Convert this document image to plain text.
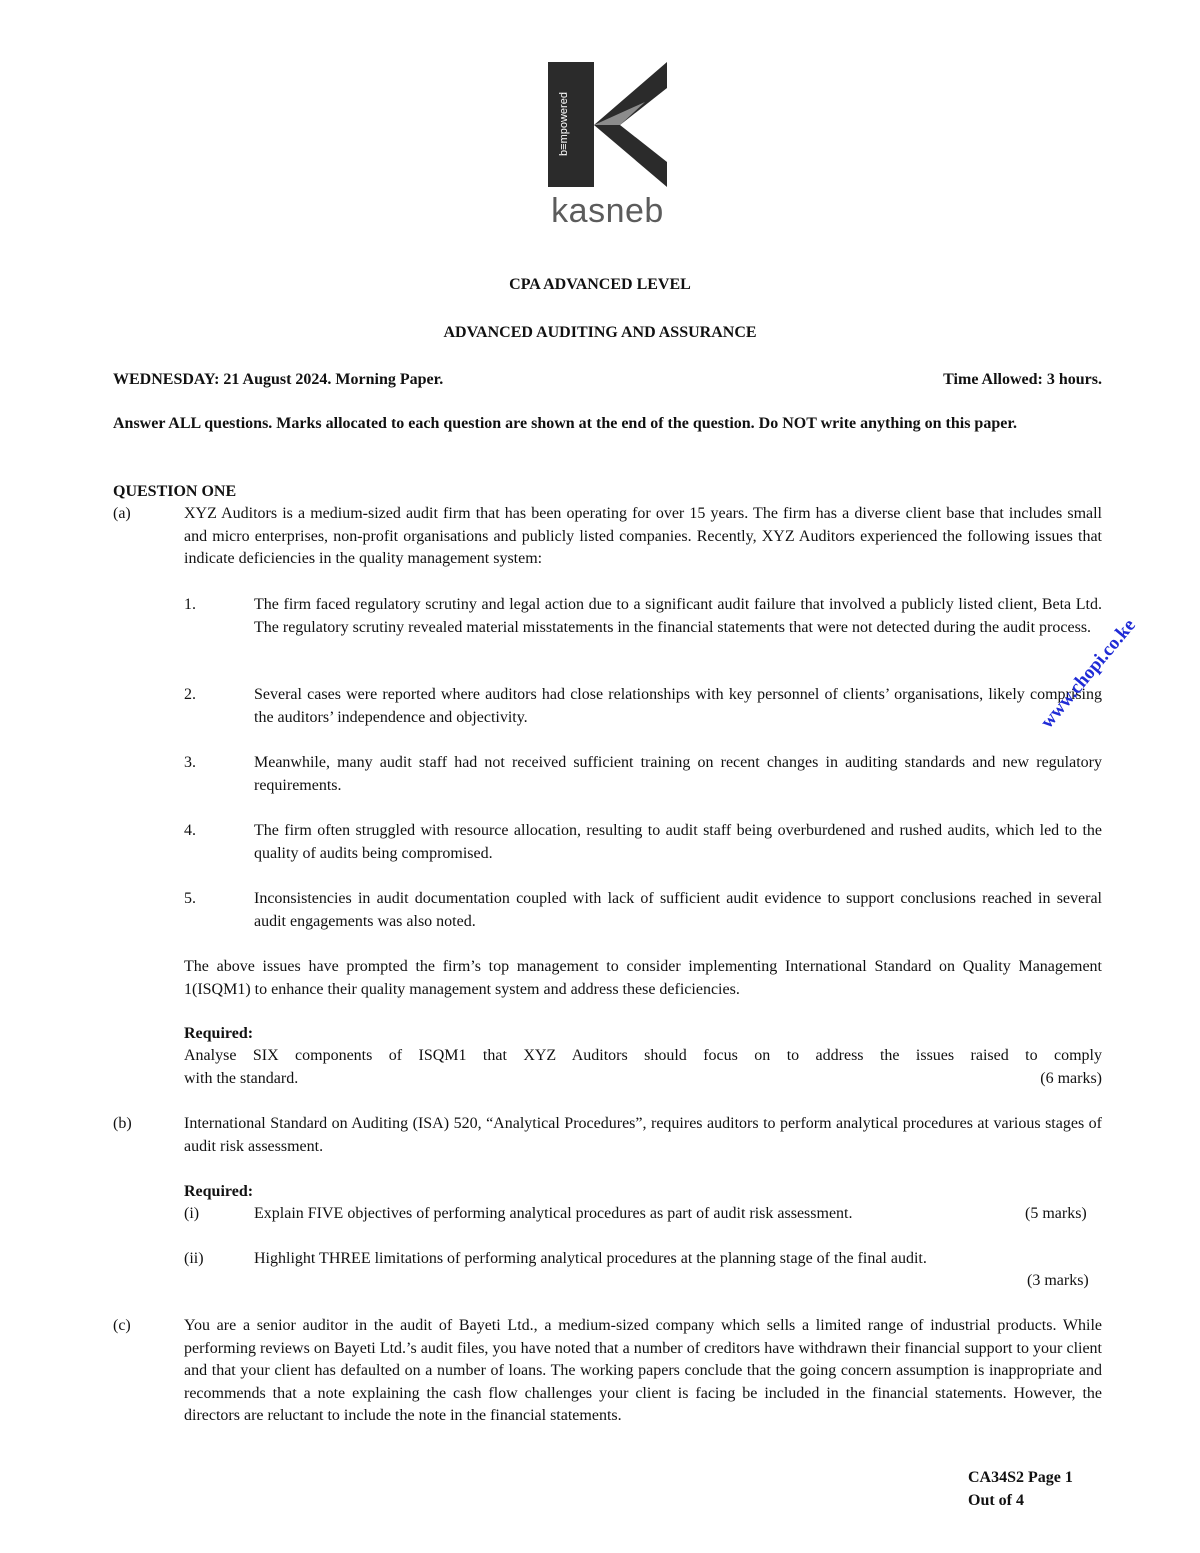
b≡mpowered
kasneb
CPA ADVANCED LEVEL
ADVANCED AUDITING AND ASSURANCE
WEDNESDAY: 21 August 2024. Morning Paper.	Time Allowed: 3 hours.
Answer ALL questions. Marks allocated to each question are shown at the end of the question. Do NOT write anything on this paper.
QUESTION ONE
(a)	XYZ Auditors is a medium-sized audit firm that has been operating for over 15 years. The firm has a diverse client base that includes small and micro enterprises, non-profit organisations and publicly listed companies. Recently, XYZ Auditors experienced the following issues that indicate deficiencies in the quality management system:
1.	The firm faced regulatory scrutiny and legal action due to a significant audit failure that involved a publicly listed client, Beta Ltd. The regulatory scrutiny revealed material misstatements in the financial statements that were not detected during the audit process.
2.	Several cases were reported where auditors had close relationships with key personnel of clients’ organisations, likely comprising the auditors’ independence and objectivity.
3.	Meanwhile, many audit staff had not received sufficient training on recent changes in auditing standards and new regulatory requirements.
4.	The firm often struggled with resource allocation, resulting to audit staff being overburdened and rushed audits, which led to the quality of audits being compromised.
5.	Inconsistencies in audit documentation coupled with lack of sufficient audit evidence to support conclusions reached in several audit engagements was also noted.
The above issues have prompted the firm’s top management to consider implementing International Standard on Quality Management 1(ISQM1) to enhance their quality management system and address these deficiencies.
Required:
Analyse SIX components of ISQM1 that XYZ Auditors should focus on to address the issues raised to comply
with the standard.	(6 marks)
(b)	International Standard on Auditing (ISA) 520, “Analytical Procedures”, requires auditors to perform analytical procedures at various stages of audit risk assessment.
Required:
(i)	Explain FIVE objectives of performing analytical procedures as part of audit risk assessment.	(5 marks)
(ii)	Highlight THREE limitations of performing analytical procedures at the planning stage of the final audit.
(3 marks)
(c)	You are a senior auditor in the audit of Bayeti Ltd., a medium-sized company which sells a limited range of industrial products. While performing reviews on Bayeti Ltd.’s audit files, you have noted that a number of creditors have withdrawn their financial support to your client and that your client has defaulted on a number of loans. The working papers conclude that the going concern assumption is inappropriate and recommends that a note explaining the cash flow challenges your client is facing be included in the financial statements. However, the directors are reluctant to include the note in the financial statements.
www.chopi.co.ke
CA34S2 Page 1
Out of 4
